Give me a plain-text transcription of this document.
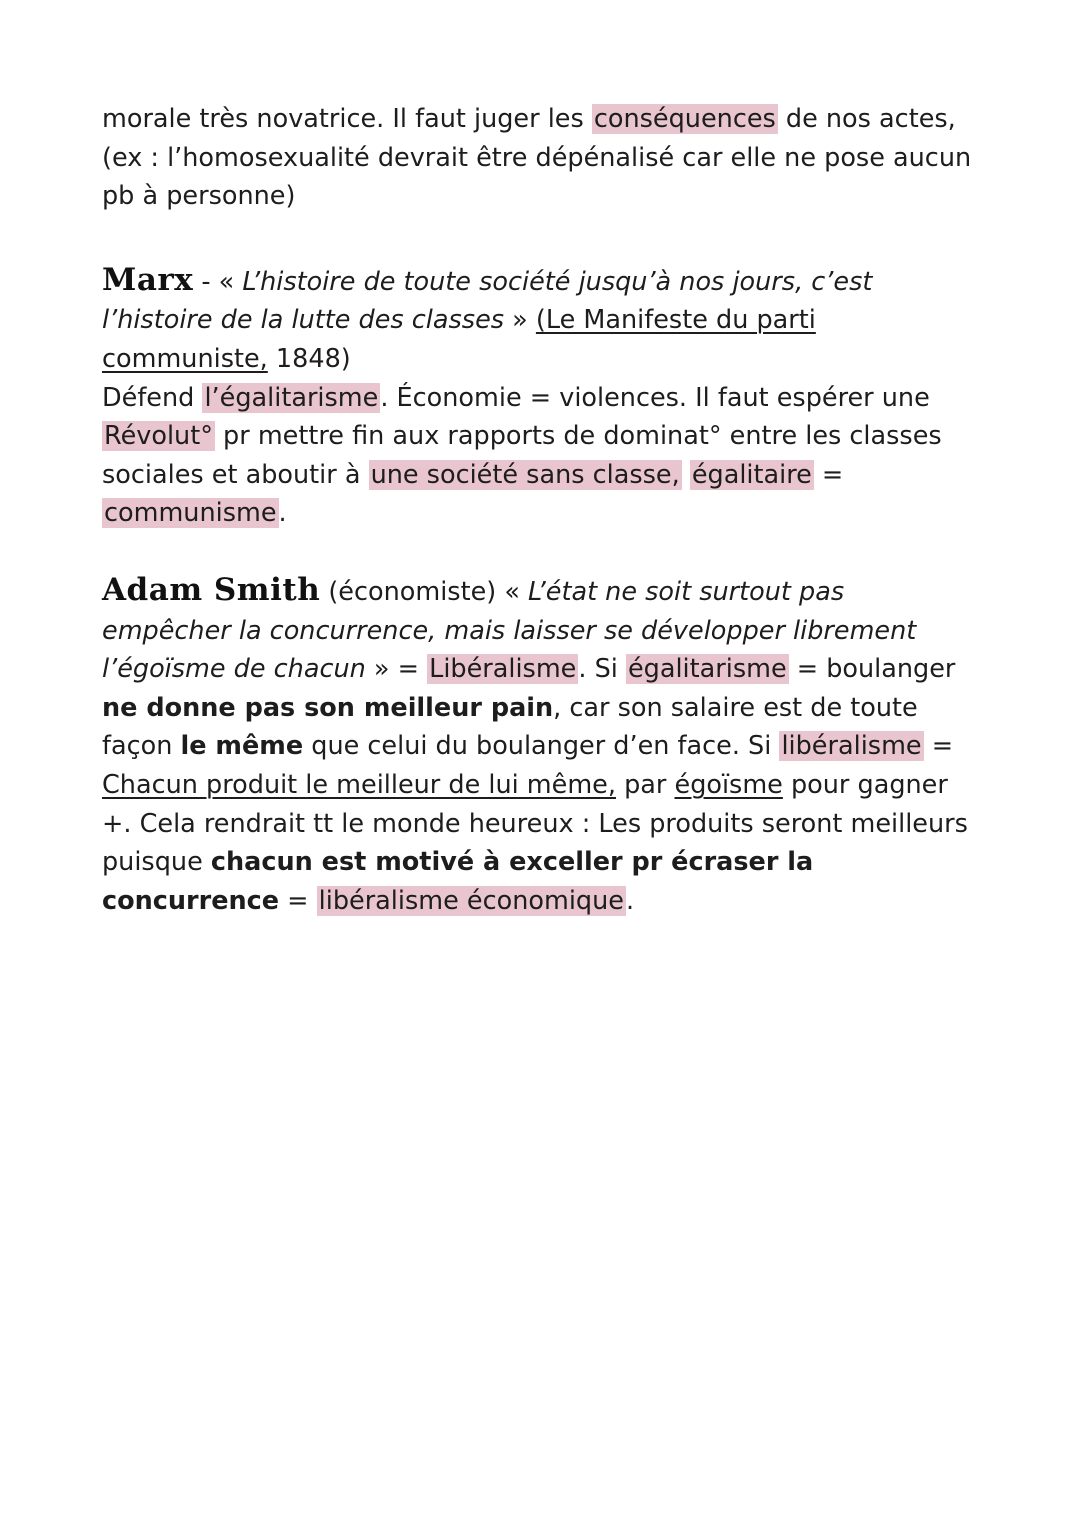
morale très novatrice. Il faut juger les conséquences de nos actes,
(ex : l’homosexualité devrait être dépénalisé car elle ne pose aucun
pb à personne)

Marx - « L’histoire de toute société jusqu’à nos jours, c’est l’histoire de la lutte des classes » (Le Manifeste du parti communiste, 1848)
Défend l’égalitarisme. Économie = violences. Il faut espérer une Révolut° pr mettre fin aux rapports de dominat° entre les classes sociales et aboutir à une société sans classe, égalitaire = communisme.

Adam Smith (économiste) « L’état ne soit surtout pas empêcher la concurrence, mais laisser se développer librement l’égoïsme de chacun » = Libéralisme. Si égalitarisme = boulanger ne donne pas son meilleur pain, car son salaire est de toute façon le même que celui du boulanger d’en face. Si libéralisme = Chacun produit le meilleur de lui même, par égoïsme pour gagner +. Cela rendrait tt le monde heureux : Les produits seront meilleurs puisque chacun est motivé à exceller pr écraser la concurrence = libéralisme économique.
